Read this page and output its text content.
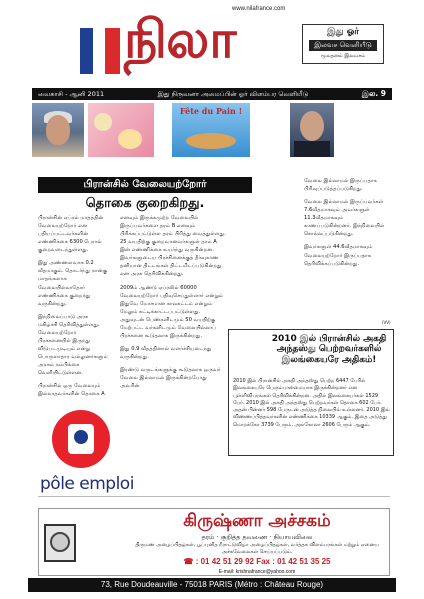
www.nilafrance.com
நிலா	இது ஓர்
இலவச வெளியீடு
மூலதனம் இலவசம்
வைகாசி - ஆனி 2011	இது நிருவனா அமைப்பின் ஓர் விளம்பர வெளியீடு	இல. 9
Fête du Pain !
பிரான்சில் வேலையற்றோர்
தொகை குறைகிறது.

பிரான்சின் ஏப்ரல் மாதத்தின் வேலையற்றோர் என பதியப்பட்டவர்களின் எண்ணிக்கை 6300 பேரால் குறைவடைந்துள்ளது.

இது அண்ணளவாக 0.2 வீதமாகும். தொடர்ந்து நான்கு மாதங்களாக வேலையில்லாதோர் எண்ணிக்கை குறைந்து வருகின்றது.

இந்நிலைப்பாடு அரசு மகிழ்ச்சி தெரிவித்துள்ளது. வேலையற்றோர் பிரச்சனையில் இருந்து விடுபடமுடியும் என்று பொருளாதார வல்லுனர்களும் அரசும் நம்பிக்கை வெளியிட்டுள்ளன.

பிரான்சில் ஒரு வேலையும் இல்லாதவர்களின் தொகை A

எனவும் இருக்கமுற்ற வேலையில் இருப்பவர்களை தரம் B எனவும் பிரிக்கப்பட்டுள்ள தரம் பிரித்து வைத்துள்ளது. 25 வயதிற்கு குறைவானவர்களுள் தரம் A இன் எண்ணிக்கை உயர்ந்து வருகின்றன. இவர்களுடைய பிரச்சினைக்குத் தீர்வுகாண தனியான திட்டங்கள் திட்டமிடப்படுகின்றது என அரசு தெரிவிக்கின்றது.

2009ம் ஆண்டு ஏப்ரலில் 60000 வேலையற்றோர் பதிவுசெய்துள்ளார் என்றும் இதுவே மோசமான காலகட்டம் என்றும் மேலும் சுட்டிக்காட்டப்பட்டுள்ளது. அதுவுடன் பெண்களிடமும் 50 வயதிற்கு மேற்பட்ட வர்களிடமும் வேலையில்லாப் பிரச்சனை கூடுதலாக இருக்கின்றது.

இது 0.9 வீதத்தினால் வளர்ச்சியடைந்து வருகின்றது.

இரண்டு வருடங்களுக்கு கூடுதலாக ஒருவர் வேலை இல்லாமல் இருக்கின்றபோது அவரின்

வேலை இல்லாமல் இருப்பதாக பிரிவுப்படுத்தப்படுகிறது.

வேலை இல்லாமல் இருப்பவர்கள் 7.6வீதமாகவும் அவர்களுள் 11.3வீதமாகவும் காணப்படுகின்றனர். இந்நிலையில் சொல்லப்படுகின்றது.

இவர்களுள் 44.6வீதமாகவும் வேலையற்றோர் இருப்பதாக தெரிவிக்கப்படுகின்றது.

(VV)
pôle emploi
2010 இல் பிரான்சில் அகதி அந்தஸ்து பெற்றவர்களில் இலங்கையரே அதிகம்!
2010 இல் பிரான்சில் அகதி அந்தஸ்து பெற்ற 6447 பேரில் இலங்கையரே பெரும்பான்மையாக இருக்கின்றனர் என புள்ளிவிபரங்கள் தெரிவிக்கின்றன. அதில் இலங்கையர்கள் 1529 பேர். 2010 இல் அகதி அந்தஸ்து பெற்றவர்கள் தொகை 602 பேர். அதன் பின்னர் 598 பேருடன் அடுத்த நிலையில் உள்ளனர். 2010 இல் விண்ணப்பித்தவர்களின் எண்ணிக்கை 10339 ஆகும். இதை அடுத்து மொறக்கோ 3739 பேரும், அங்கோலா 2606 பேரும் ஆகும்.
கிருஷ்ணா அச்சகம்
தரம் · குறித்த தவணை · நியாயவிலை
திருமண அழைப்பிதழ்கள், பூப்புனித நீராட்டுவிழா அழைப்பிதழ்கள், வர்த்தக விளம்பரங்கள் மற்றும் ஏனைய அச்சுவேலைகள் செய்யப்படும்.
☎ : 01 42 51 29 92 Fax : 01 42 51 35 25
E-mail: krishnafrance@yahoo.com
73, Rue Doudeauville - 75018 PARIS (Métro : Château Rouge)
